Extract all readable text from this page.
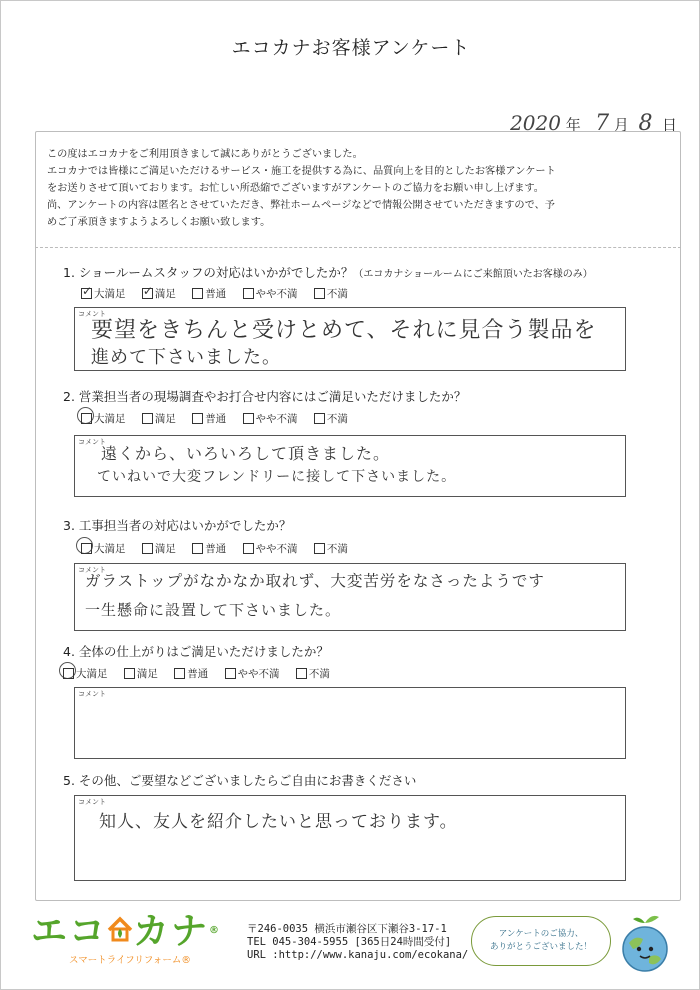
エコカナお客様アンケート
2020 年 7 月 8 日
この度はエコカナをご利用頂きまして誠にありがとうございました。
エコカナでは皆様にご満足いただけるサービス・施工を提供する為に、品質向上を目的としたお客様アンケート
をお送りさせて頂いております。お忙しい所恐縮でございますがアンケートのご協力をお願い申し上げます。
尚、アンケートの内容は匿名とさせていただき、弊社ホームページなどで情報公開させていただきますので、予
めご了承頂きますようよろしくお願い致します。
1. ショールームスタッフの対応はいかがでしたか？（エコカナショールームにご来館頂いたお客様のみ）
✓大満足 ✓	満足	普通	やや不満	不満
コメント
要望をきちんと受けとめて、それに見合う製品を
進めて下さいました。
2. 営業担当者の現場調査やお打合せ内容にはご満足いただけましたか？
大満足	満足	普通	やや不満	不満
コメント
遠くから、いろいろして頂きました。
ていねいで大変フレンドリーに接して下さいました。
3. 工事担当者の対応はいかがでしたか？
大満足	満足	普通	やや不満	不満
コメント
ガラストップがなかなか取れず、大変苦労をなさったようです
一生懸命に設置して下さいました。
4. 全体の仕上がりはご満足いただけましたか？
大満足	満足	普通	やや不満	不満
コメント
5. その他、ご要望などございましたらご自由にお書きください
コメント
知人、友人を紹介したいと思っております。
エコ カナ®
スマートライフリフォーム®
〒246-0035 横浜市瀬谷区下瀬谷3-17-1
TEL 045-304-5955 [365日24時間受付]
URL :http://www.kanaju.com/ecokana/
アンケートのご協力、
ありがとうございました！
